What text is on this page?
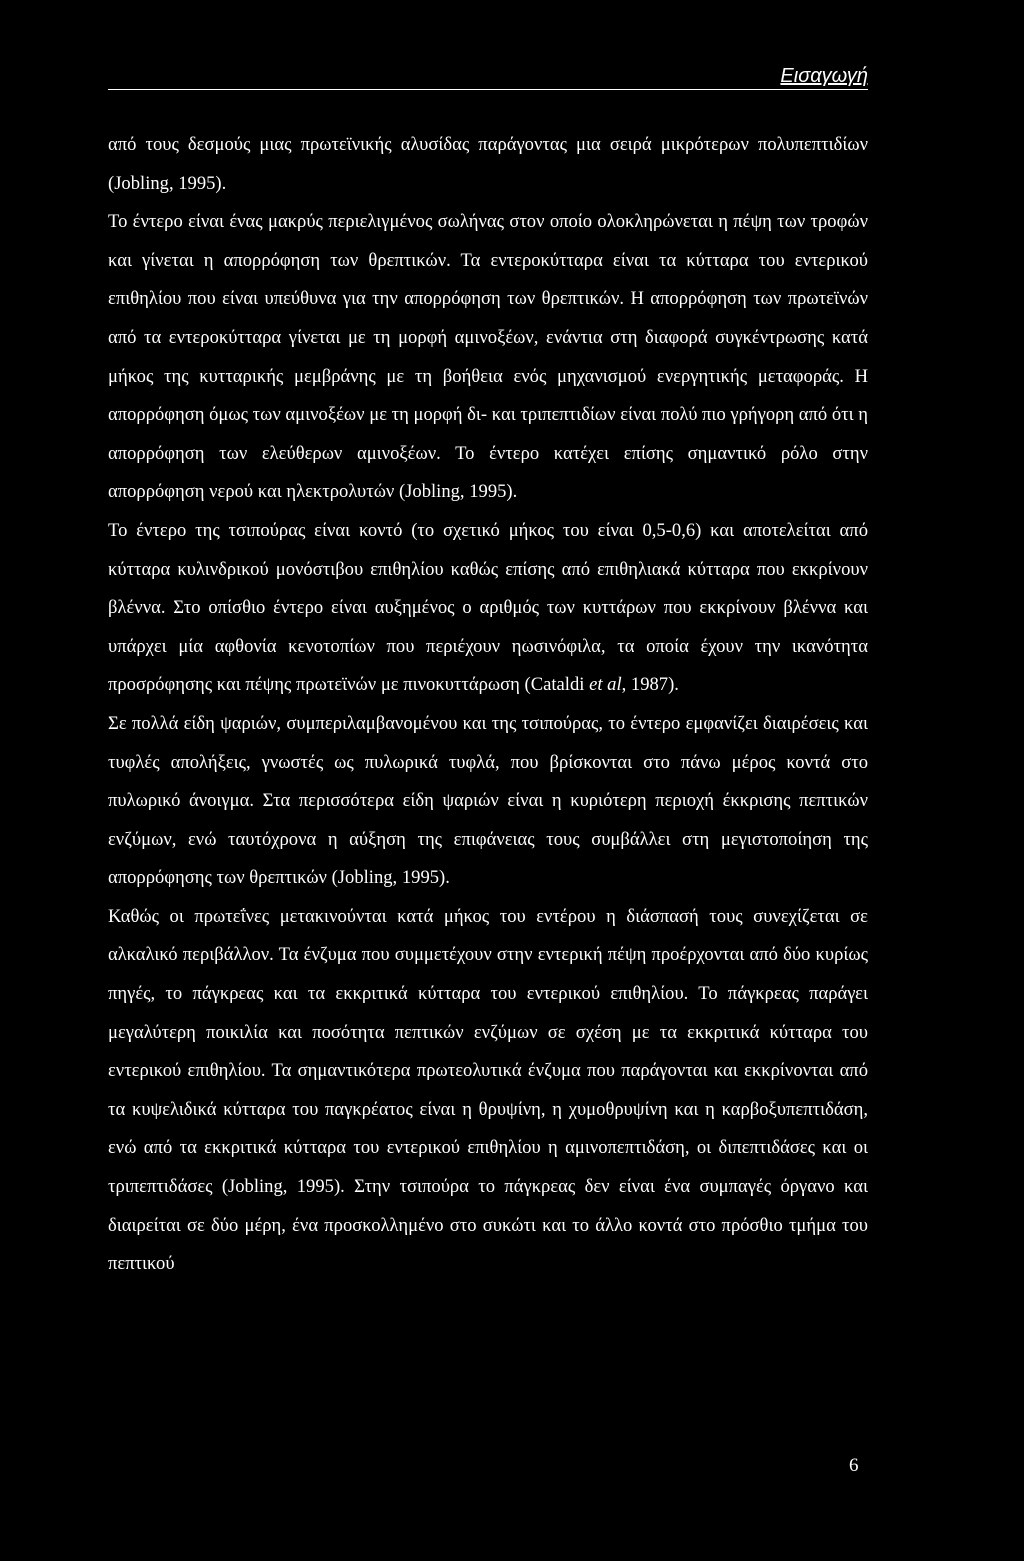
Εισαγωγή

από τους δεσμούς μιας πρωτεϊνικής αλυσίδας παράγοντας μια σειρά μικρότερων πολυπεπτιδίων (Jobling, 1995).

Το έντερο είναι ένας μακρύς περιελιγμένος σωλήνας στον οποίο ολοκληρώνεται η πέψη των τροφών και γίνεται η απορρόφηση των θρεπτικών. Τα εντεροκύτταρα είναι τα κύτταρα του εντερικού επιθηλίου που είναι υπεύθυνα για την απορρόφηση των θρεπτικών. Η απορρόφηση των πρωτεϊνών από τα εντεροκύτταρα γίνεται με τη μορφή αμινοξέων, ενάντια στη διαφορά συγκέντρωσης κατά μήκος της κυτταρικής μεμβράνης με τη βοήθεια ενός μηχανισμού ενεργητικής μεταφοράς. Η απορρόφηση όμως των αμινοξέων με τη μορφή δι- και τριπεπτιδίων είναι πολύ πιο γρήγορη από ότι η απορρόφηση των ελεύθερων αμινοξέων. Το έντερο κατέχει επίσης σημαντικό ρόλο στην απορρόφηση νερού και ηλεκτρολυτών (Jobling, 1995).

Το έντερο της τσιπούρας είναι κοντό (το σχετικό μήκος του είναι 0,5-0,6) και αποτελείται από κύτταρα κυλινδρικού μονόστιβου επιθηλίου καθώς επίσης από επιθηλιακά κύτταρα που εκκρίνουν βλέννα. Στο οπίσθιο έντερο είναι αυξημένος ο αριθμός των κυττάρων που εκκρίνουν βλέννα και υπάρχει μία αφθονία κενοτοπίων που περιέχουν ηωσινόφιλα, τα οποία έχουν την ικανότητα προσρόφησης και πέψης πρωτεϊνών με πινοκυττάρωση (Cataldi et al, 1987).

Σε πολλά είδη ψαριών, συμπεριλαμβανομένου και της τσιπούρας, το έντερο εμφανίζει διαιρέσεις και τυφλές απολήξεις, γνωστές ως πυλωρικά τυφλά, που βρίσκονται στο πάνω μέρος κοντά στο πυλωρικό άνοιγμα. Στα περισσότερα είδη ψαριών είναι η κυριότερη περιοχή έκκρισης πεπτικών ενζύμων, ενώ ταυτόχρονα η αύξηση της επιφάνειας τους συμβάλλει στη μεγιστοποίηση της απορρόφησης των θρεπτικών (Jobling, 1995).

Καθώς οι πρωτεΐνες μετακινούνται κατά μήκος του εντέρου η διάσπασή τους συνεχίζεται σε αλκαλικό περιβάλλον. Τα ένζυμα που συμμετέχουν στην εντερική πέψη προέρχονται από δύο κυρίως πηγές, το πάγκρεας και τα εκκριτικά κύτταρα του εντερικού επιθηλίου. Το πάγκρεας παράγει μεγαλύτερη ποικιλία και ποσότητα πεπτικών ενζύμων σε σχέση με τα εκκριτικά κύτταρα του εντερικού επιθηλίου. Τα σημαντικότερα πρωτεολυτικά ένζυμα που παράγονται και εκκρίνονται από τα κυψελιδικά κύτταρα του παγκρέατος είναι η θρυψίνη, η χυμοθρυψίνη και η καρβοξυπεπτιδάση, ενώ από τα εκκριτικά κύτταρα του εντερικού επιθηλίου η αμινοπεπτιδάση, οι διπεπτιδάσες και οι τριπεπτιδάσες (Jobling, 1995). Στην τσιπούρα το πάγκρεας δεν είναι ένα συμπαγές όργανο και διαιρείται σε δύο μέρη, ένα προσκολλημένο στο συκώτι και το άλλο κοντά στο πρόσθιο τμήμα του πεπτικού

6
